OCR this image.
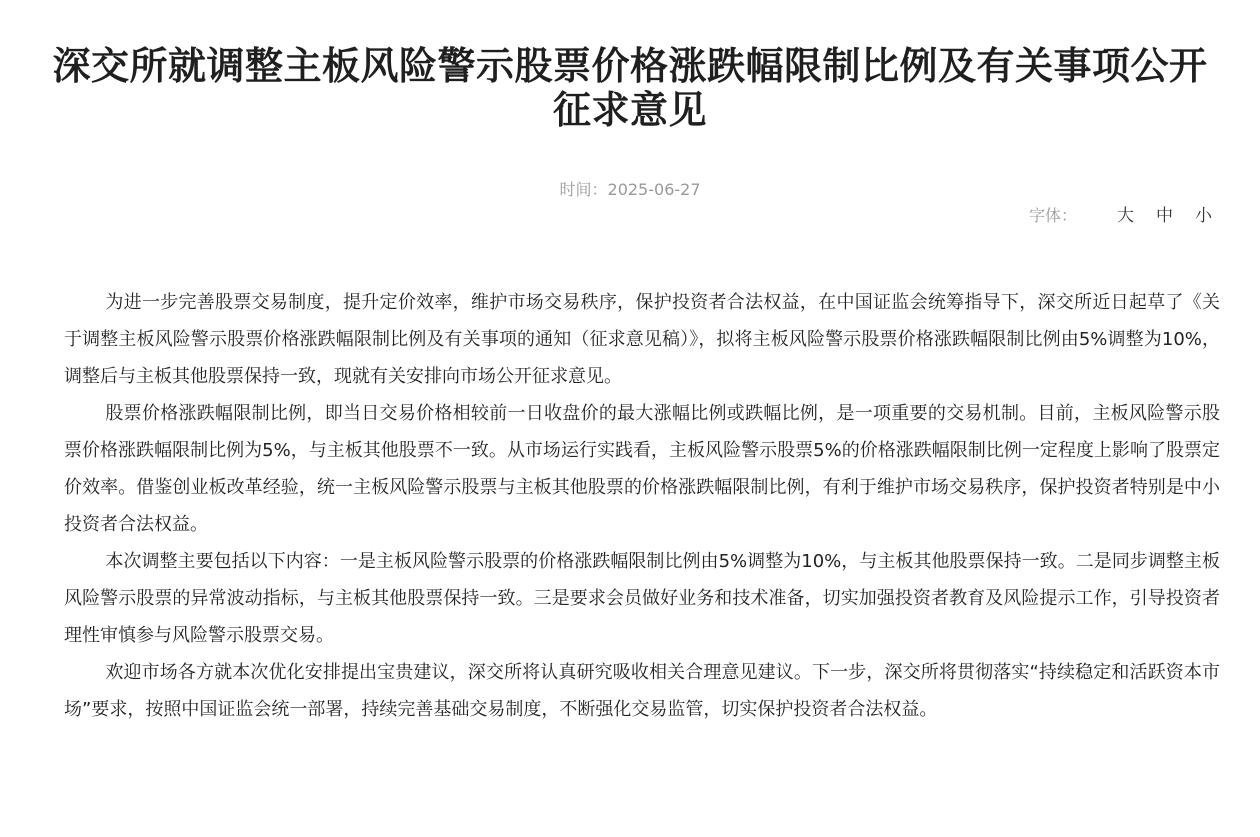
深交所就调整主板风险警示股票价格涨跌幅限制比例及有关事项公开征求意见
时间：2025-06-27
字体： 大 中 小

为进一步完善股票交易制度，提升定价效率，维护市场交易秩序，保护投资者合法权益，在中国证监会统筹指导下，深交所近日起草了《关于调整主板风险警示股票价格涨跌幅限制比例及有关事项的通知（征求意见稿）》，拟将主板风险警示股票价格涨跌幅限制比例由5%调整为10%，调整后与主板其他股票保持一致，现就有关安排向市场公开征求意见。

股票价格涨跌幅限制比例，即当日交易价格相较前一日收盘价的最大涨幅比例或跌幅比例，是一项重要的交易机制。目前，主板风险警示股票价格涨跌幅限制比例为5%，与主板其他股票不一致。从市场运行实践看，主板风险警示股票5%的价格涨跌幅限制比例一定程度上影响了股票定价效率。借鉴创业板改革经验，统一主板风险警示股票与主板其他股票的价格涨跌幅限制比例，有利于维护市场交易秩序，保护投资者特别是中小投资者合法权益。

本次调整主要包括以下内容：一是主板风险警示股票的价格涨跌幅限制比例由5%调整为10%，与主板其他股票保持一致。二是同步调整主板风险警示股票的异常波动指标，与主板其他股票保持一致。三是要求会员做好业务和技术准备，切实加强投资者教育及风险提示工作，引导投资者理性审慎参与风险警示股票交易。

欢迎市场各方就本次优化安排提出宝贵建议，深交所将认真研究吸收相关合理意见建议。下一步，深交所将贯彻落实“持续稳定和活跃资本市场”要求，按照中国证监会统一部署，持续完善基础交易制度，不断强化交易监管，切实保护投资者合法权益。
